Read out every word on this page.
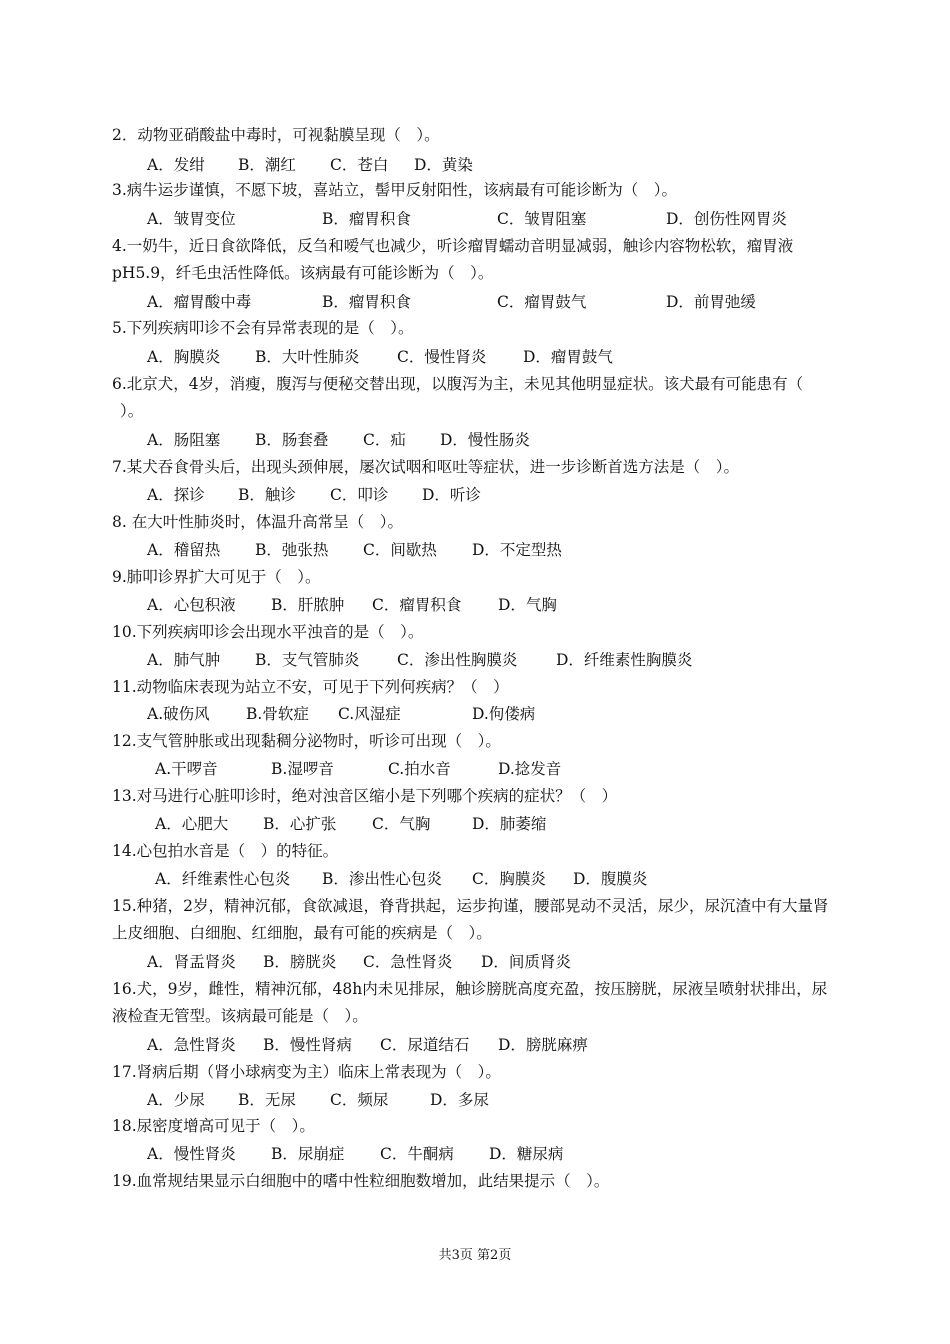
2．动物亚硝酸盐中毒时，可视黏膜呈现（　）。
A．发绀 B．潮红 C．苍白 D．黄染
3.病牛运步谨慎，不愿下坡，喜站立，髻甲反射阳性，该病最有可能诊断为（　）。
A．皱胃变位	B．瘤胃积食	C．皱胃阻塞	D．创伤性网胃炎
4.一奶牛，近日食欲降低，反刍和嗳气也减少，听诊瘤胃蠕动音明显减弱，触诊内容物松软，瘤胃液
pH5.9，纤毛虫活性降低。该病最有可能诊断为（　）。
A．瘤胃酸中毒	B．瘤胃积食	C．瘤胃鼓气	D．前胃弛缓
5.下列疾病叩诊不会有异常表现的是（　）。
A．胸膜炎 B．大叶性肺炎 C．慢性肾炎 D．瘤胃鼓气
6.北京犬，4岁，消瘦，腹泻与便秘交替出现，以腹泻为主，未见其他明显症状。该犬最有可能患有（
）。
A．肠阻塞 B．肠套叠 C．疝 D．慢性肠炎
7.某犬吞食骨头后，出现头颈伸展，屡次试咽和呕吐等症状，进一步诊断首选方法是（　）。
A．探诊 B．触诊 C．叩诊 D．听诊
8. 在大叶性肺炎时，体温升高常呈（　）。
A．稽留热 B．弛张热 C．间歇热 D．不定型热
9.肺叩诊界扩大可见于（　）。
A．心包积液 B．肝脓肿 C．瘤胃积食 D．气胸
10.下列疾病叩诊会出现水平浊音的是（　）。
A．肺气肿 B．支气管肺炎 C．渗出性胸膜炎 D．纤维素性胸膜炎
11.动物临床表现为站立不安，可见于下列何疾病？（　）
A.破伤风 B.骨软症 C.风湿症	D.佝偻病
12.支气管肿胀或出现黏稠分泌物时，听诊可出现（　）。
A.干啰音	B.湿啰音	C.拍水音	D.捻发音
13.对马进行心脏叩诊时，绝对浊音区缩小是下列哪个疾病的症状？（　）
A．心肥大 B．心扩张 C．气胸	D．肺萎缩
14.心包拍水音是（　）的特征。
A．纤维素性心包炎 B．渗出性心包炎 C．胸膜炎 D．腹膜炎
15.种猪，2岁，精神沉郁，食欲减退，脊背拱起，运步拘谨，腰部晃动不灵活，尿少，尿沉渣中有大量肾
上皮细胞、白细胞、红细胞，最有可能的疾病是（　）。
A．肾盂肾炎 B．膀胱炎 C．急性肾炎 D．间质肾炎
16.犬，9岁，雌性，精神沉郁，48h内未见排尿，触诊膀胱高度充盈，按压膀胱，尿液呈喷射状排出，尿
液检查无管型。该病最可能是（　）。
A．急性肾炎 B．慢性肾病 C．尿道结石 D．膀胱麻痹
17.肾病后期（肾小球病变为主）临床上常表现为（　）。
A．少尿 B．无尿 C．频尿	D．多尿
18.尿密度增高可见于（　）。
A．慢性肾炎 B．尿崩症 C．牛酮病 D．糖尿病
19.血常规结果显示白细胞中的嗜中性粒细胞数增加，此结果提示（　）。
共3页 第2页
